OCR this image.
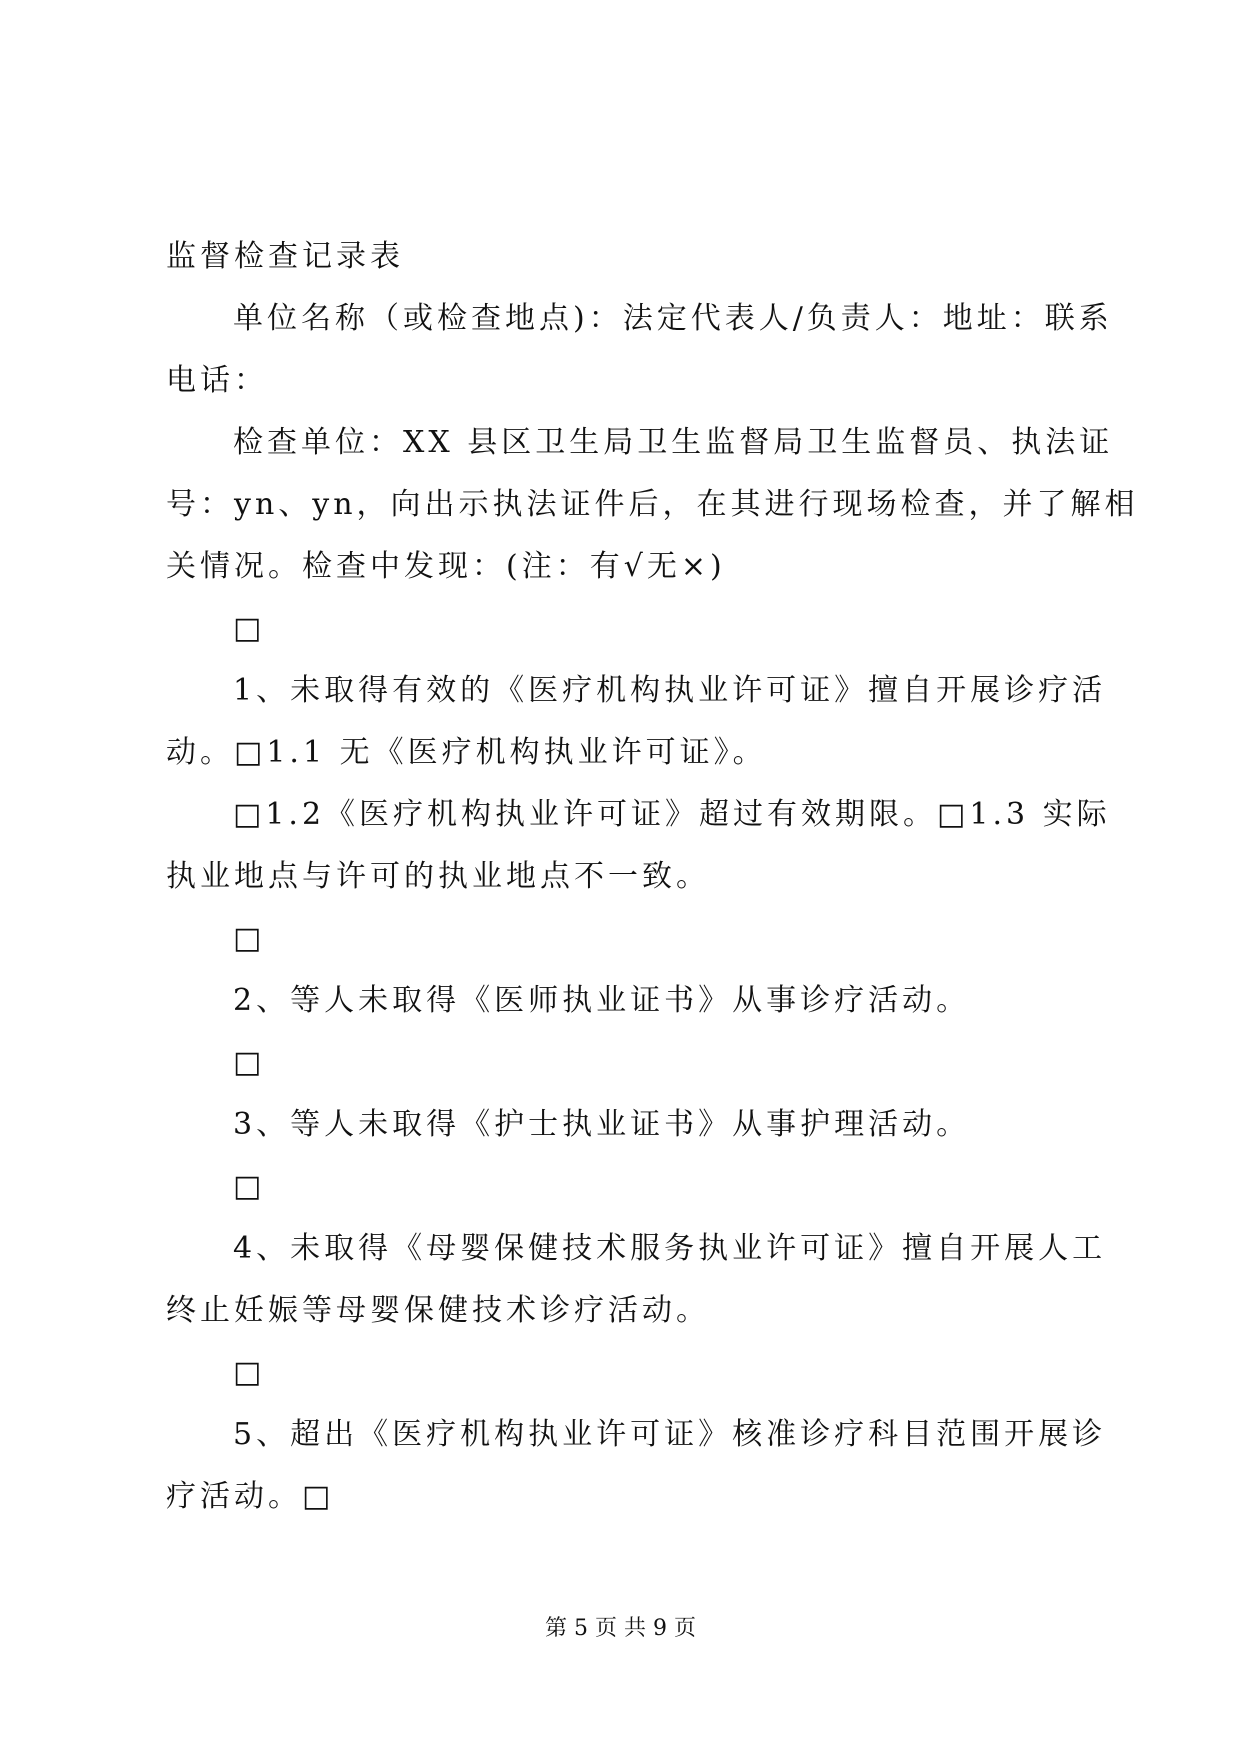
监督检查记录表
单位名称（或检查地点)：法定代表人/负责人：地址：联系
电话：
检查单位：XX 县区卫生局卫生监督局卫生监督员、执法证
号：yn、yn，向出示执法证件后，在其进行现场检查，并了解相
关情况。检查中发现：(注：有√无×)
□
1、未取得有效的《医疗机构执业许可证》擅自开展诊疗活
动。□1.1 无《医疗机构执业许可证》。
□1.2《医疗机构执业许可证》超过有效期限。□1.3 实际
执业地点与许可的执业地点不一致。
□
2、等人未取得《医师执业证书》从事诊疗活动。
□
3、等人未取得《护士执业证书》从事护理活动。
□
4、未取得《母婴保健技术服务执业许可证》擅自开展人工
终止妊娠等母婴保健技术诊疗活动。
□
5、超出《医疗机构执业许可证》核准诊疗科目范围开展诊
疗活动。□
第 5 页 共 9 页
